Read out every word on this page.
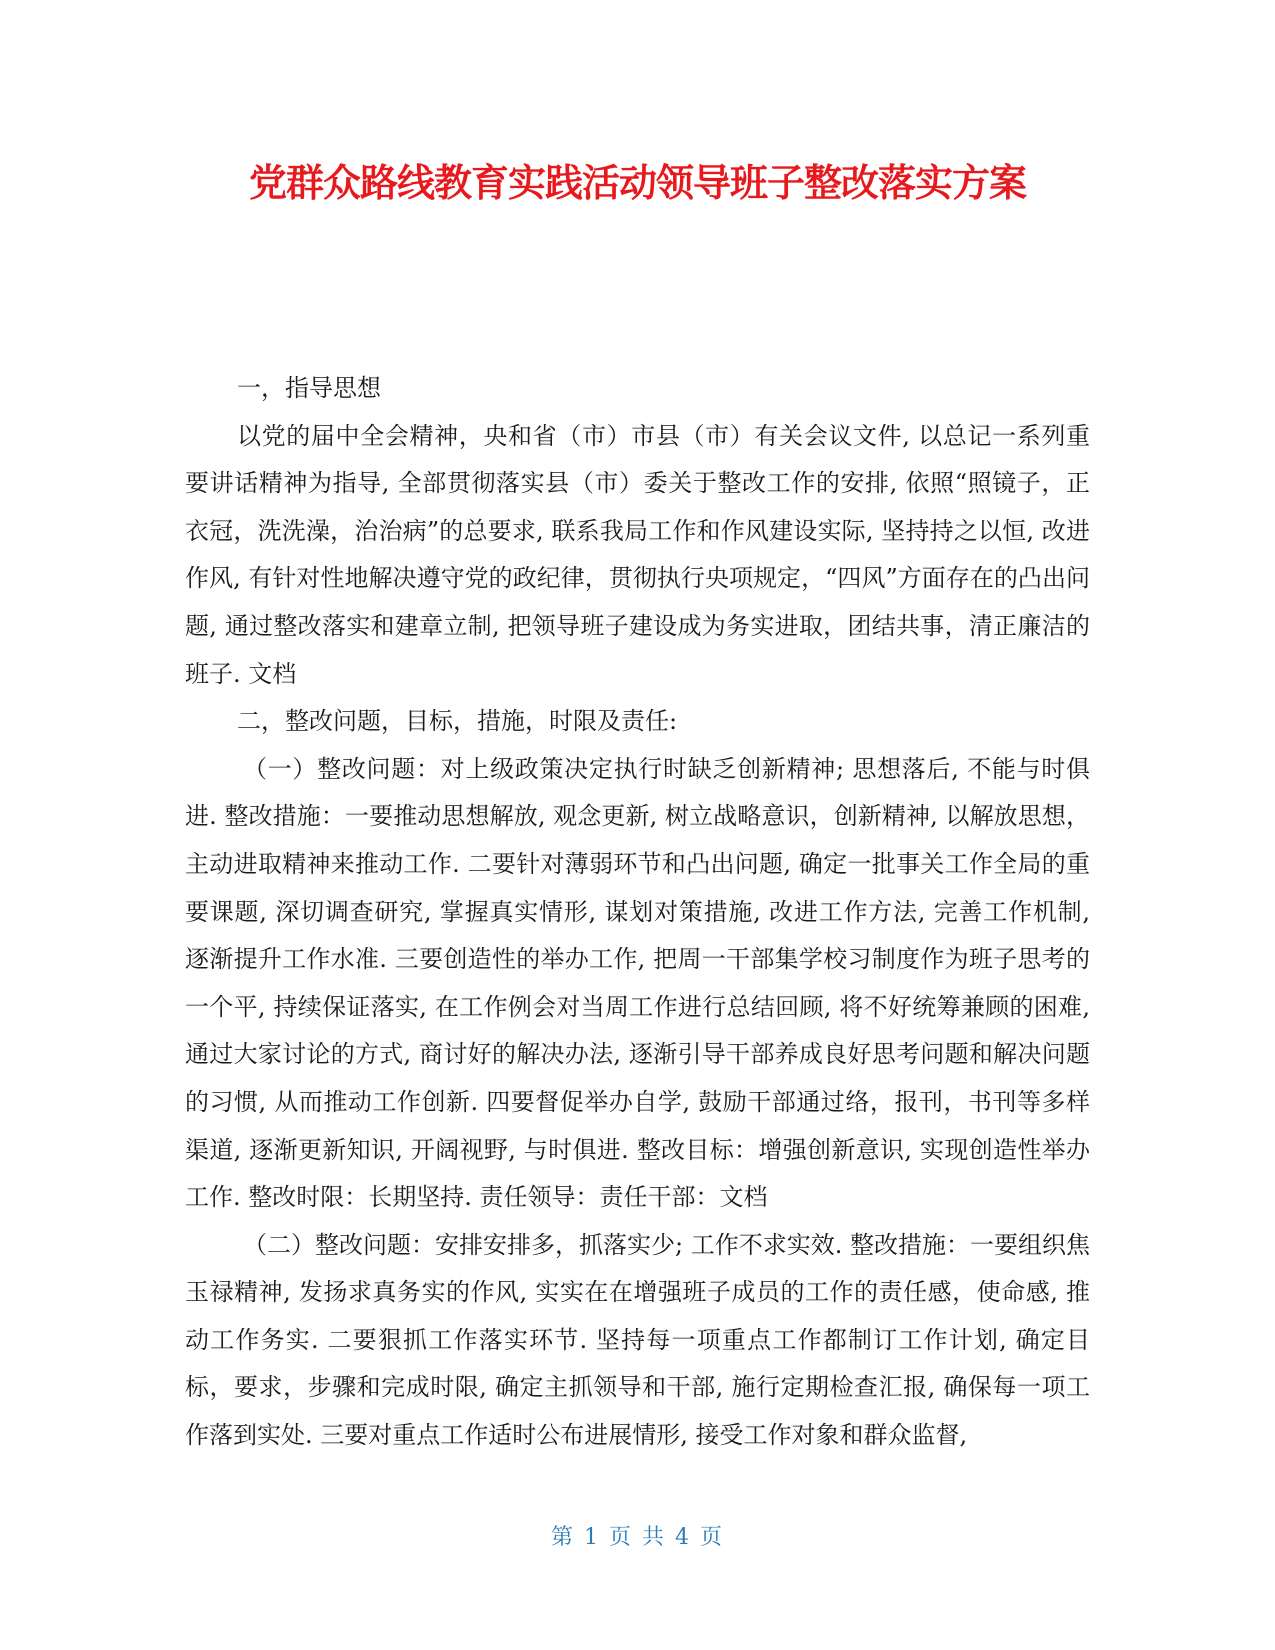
党群众路线教育实践活动领导班子整改落实方案

一，指导思想

以党的届中全会精神，央和省（市）市县（市）有关会议文件, 以总记一系列重要讲话精神为指导, 全部贯彻落实县（市）委关于整改工作的安排, 依照“照镜子，正衣冠，洗洗澡，治治病”的总要求, 联系我局工作和作风建设实际, 坚持持之以恒, 改进作风, 有针对性地解决遵守党的政纪律，贯彻执行央项规定，“四风”方面存在的凸出问题, 通过整改落实和建章立制, 把领导班子建设成为务实进取，团结共事，清正廉洁的班子. 文档

二，整改问题，目标，措施，时限及责任:

（一）整改问题：对上级政策决定执行时缺乏创新精神; 思想落后, 不能与时俱进. 整改措施：一要推动思想解放, 观念更新, 树立战略意识，创新精神, 以解放思想，主动进取精神来推动工作. 二要针对薄弱环节和凸出问题, 确定一批事关工作全局的重要课题, 深切调查研究, 掌握真实情形, 谋划对策措施, 改进工作方法, 完善工作机制, 逐渐提升工作水准. 三要创造性的举办工作, 把周一干部集学校习制度作为班子思考的一个平, 持续保证落实, 在工作例会对当周工作进行总结回顾, 将不好统筹兼顾的困难, 通过大家讨论的方式, 商讨好的解决办法, 逐渐引导干部养成良好思考问题和解决问题的习惯, 从而推动工作创新. 四要督促举办自学, 鼓励干部通过络，报刊，书刊等多样渠道, 逐渐更新知识, 开阔视野, 与时俱进. 整改目标：增强创新意识, 实现创造性举办工作. 整改时限：长期坚持. 责任领导：责任干部：文档

（二）整改问题：安排安排多，抓落实少; 工作不求实效. 整改措施：一要组织焦玉禄精神, 发扬求真务实的作风, 实实在在增强班子成员的工作的责任感，使命感, 推动工作务实. 二要狠抓工作落实环节. 坚持每一项重点工作都制订工作计划, 确定目标，要求，步骤和完成时限, 确定主抓领导和干部, 施行定期检查汇报, 确保每一项工作落到实处. 三要对重点工作适时公布进展情形, 接受工作对象和群众监督,

第 1 页 共 4 页
